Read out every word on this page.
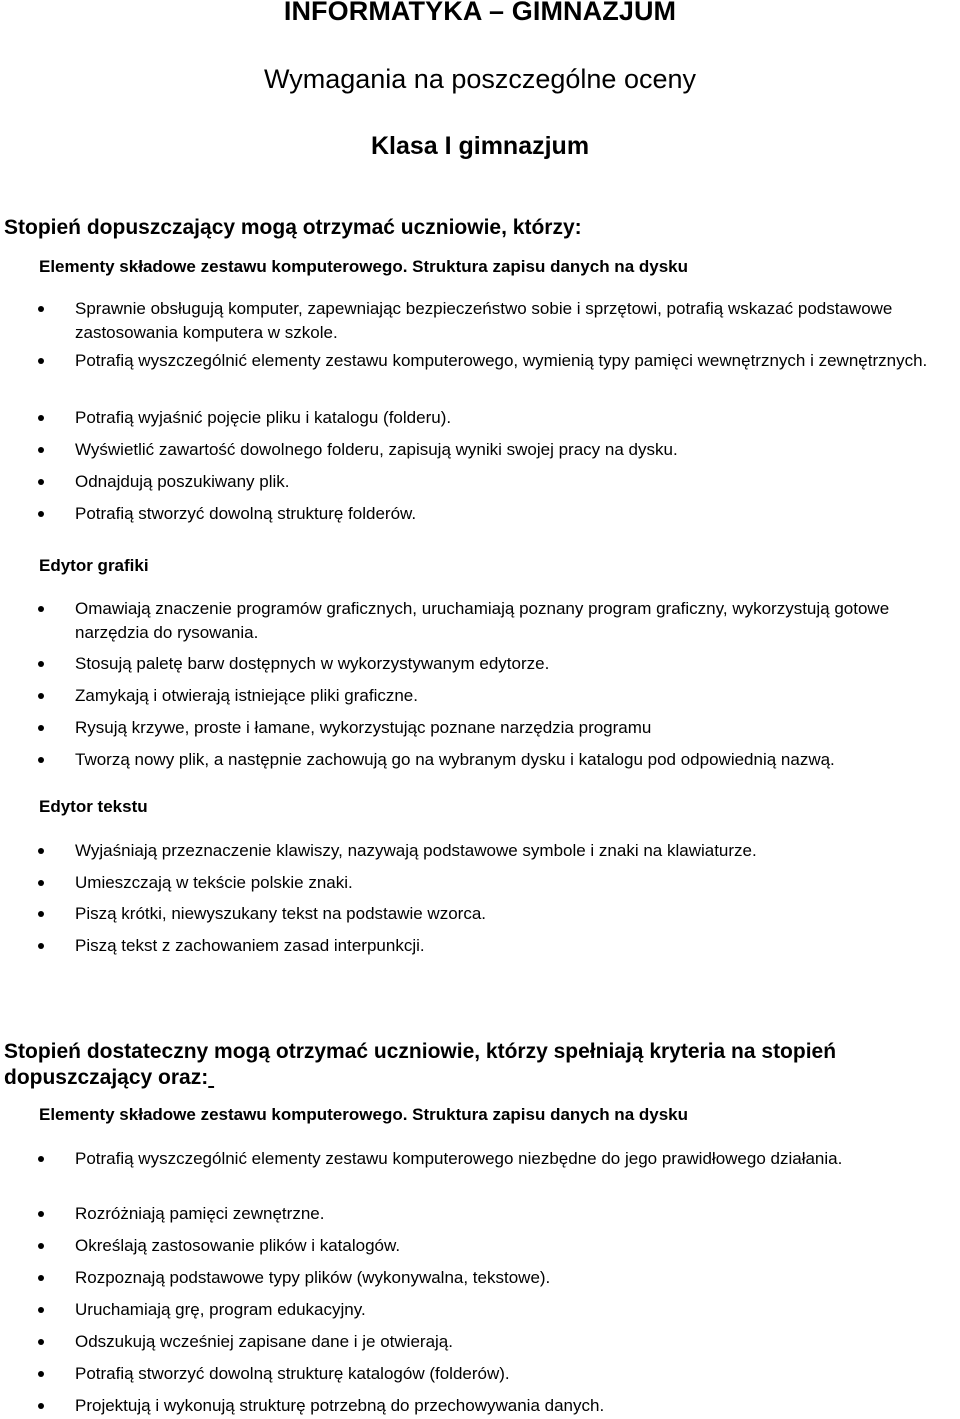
INFORMATYKA – GIMNAZJUM
Wymagania na poszczególne oceny
Klasa I gimnazjum
Stopień dopuszczający mogą otrzymać uczniowie, którzy:
Elementy składowe zestawu komputerowego. Struktura zapisu danych na dysku
Sprawnie obsługują komputer, zapewniając bezpieczeństwo sobie i sprzętowi, potrafią wskazać podstawowe zastosowania komputera w szkole.
Potrafią wyszczególnić elementy zestawu komputerowego, wymienią typy pamięci wewnętrznych i zewnętrznych.
Potrafią wyjaśnić pojęcie pliku i katalogu (folderu).
Wyświetlić zawartość dowolnego folderu, zapisują wyniki swojej pracy na dysku.
Odnajdują poszukiwany plik.
Potrafią stworzyć dowolną strukturę folderów.
Edytor grafiki
Omawiają znaczenie programów graficznych, uruchamiają poznany program graficzny, wykorzystują gotowe narzędzia do rysowania.
Stosują paletę barw dostępnych w wykorzystywanym edytorze.
Zamykają i otwierają istniejące pliki graficzne.
Rysują krzywe, proste i łamane, wykorzystując poznane narzędzia programu
Tworzą nowy plik, a następnie zachowują go na wybranym dysku i katalogu pod odpowiednią nazwą.
Edytor tekstu
Wyjaśniają przeznaczenie klawiszy, nazywają podstawowe symbole i znaki na klawiaturze.
Umieszczają w tekście polskie znaki.
Piszą krótki, niewyszukany tekst na podstawie wzorca.
Piszą tekst z zachowaniem zasad interpunkcji.
Stopień dostateczny mogą otrzymać uczniowie, którzy spełniają kryteria na stopień
dopuszczający oraz:
Elementy składowe zestawu komputerowego. Struktura zapisu danych na dysku
Potrafią wyszczególnić elementy zestawu komputerowego niezbędne do jego prawidłowego działania.
Rozróżniają pamięci zewnętrzne.
Określają zastosowanie plików i katalogów.
Rozpoznają podstawowe typy plików (wykonywalna, tekstowe).
Uruchamiają grę, program edukacyjny.
Odszukują wcześniej zapisane dane i je otwierają.
Potrafią stworzyć dowolną strukturę katalogów (folderów).
Projektują i wykonują strukturę potrzebną do przechowywania danych.
